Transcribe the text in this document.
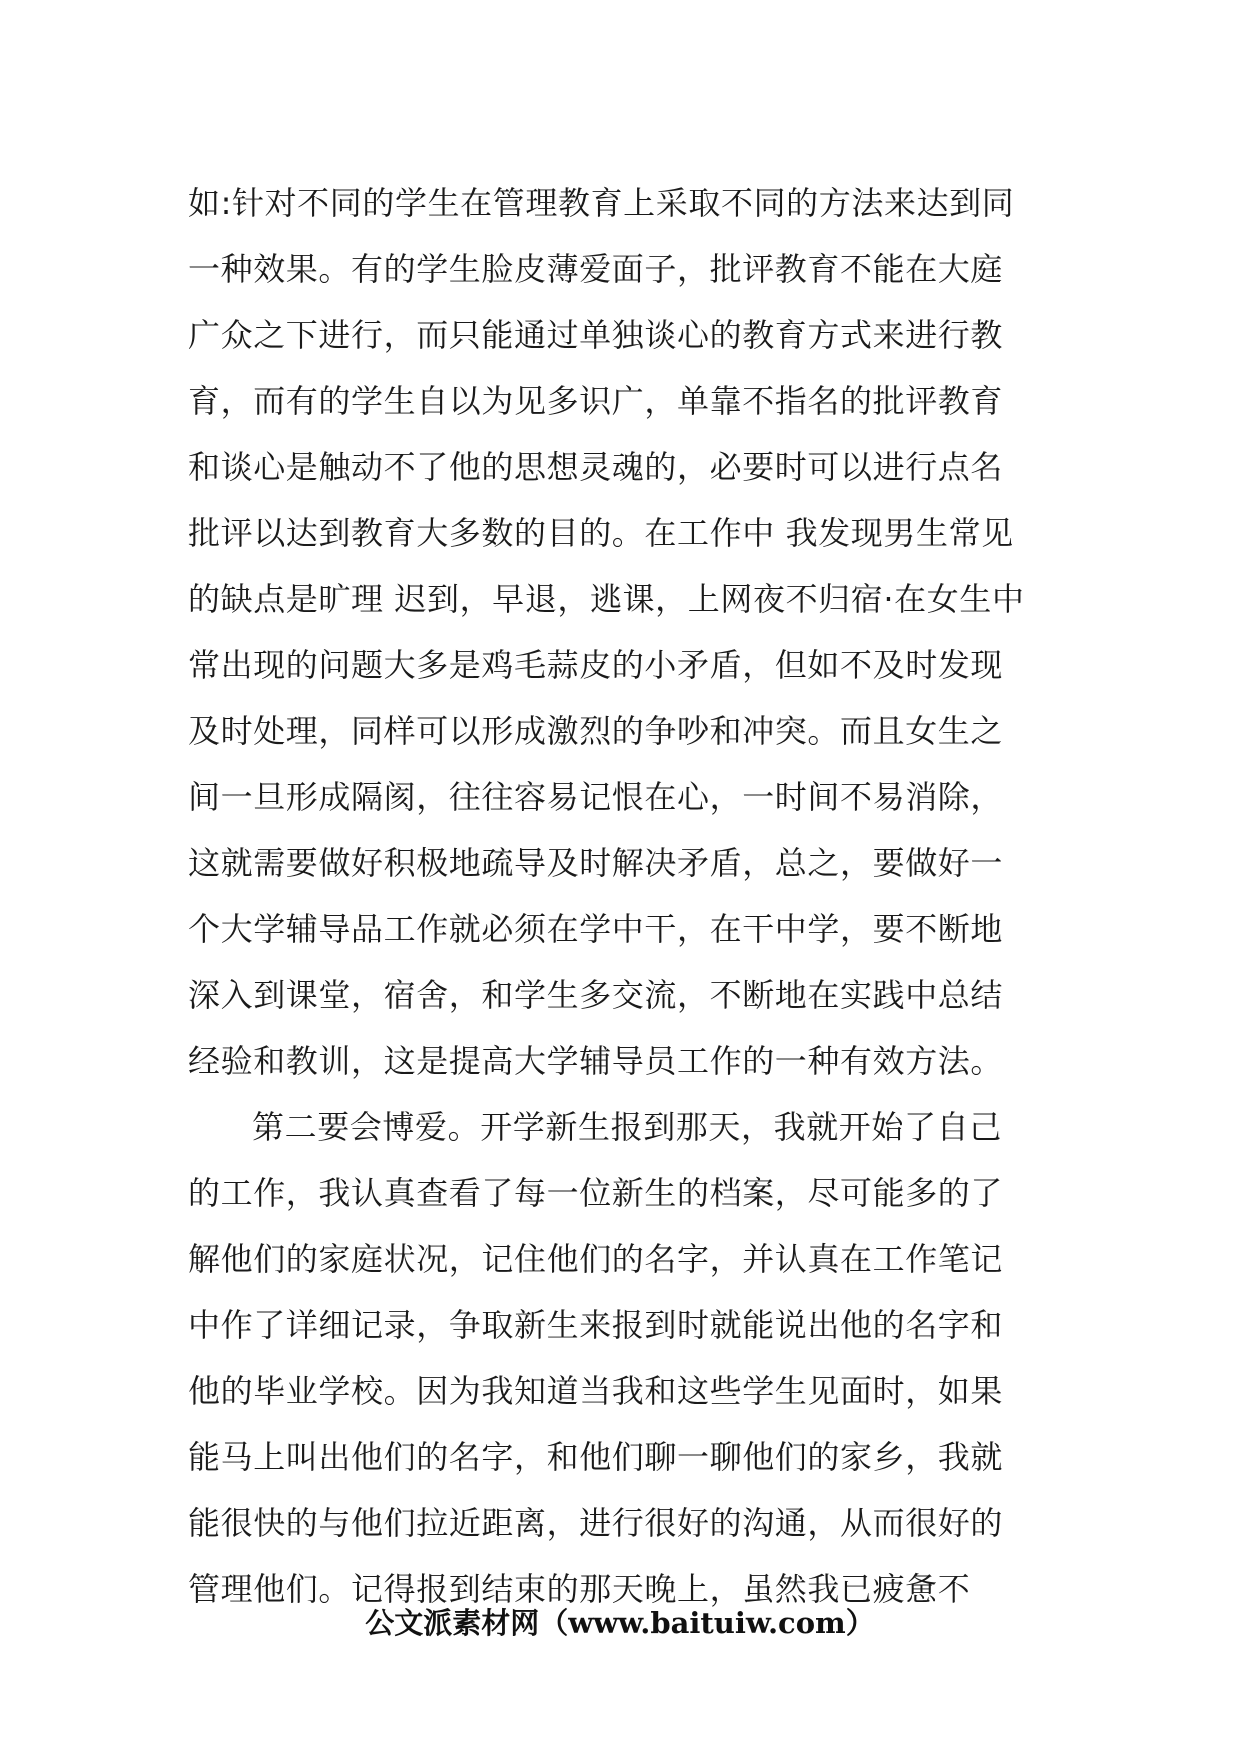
如:针对不同的学生在管理教育上采取不同的方法来达到同
一种效果。有的学生脸皮薄爱面子，批评教育不能在大庭
广众之下进行，而只能通过单独谈心的教育方式来进行教
育，而有的学生自以为见多识广，单靠不指名的批评教育
和谈心是触动不了他的思想灵魂的，必要时可以进行点名
批评以达到教育大多数的目的。在工作中 我发现男生常见
的缺点是旷理 迟到，早退，逃课，上网夜不归宿·在女生中
常出现的问题大多是鸡毛蒜皮的小矛盾，但如不及时发现
及时处理，同样可以形成激烈的争吵和冲突。而且女生之
间一旦形成隔阂，往往容易记恨在心，一时间不易消除，
这就需要做好积极地疏导及时解决矛盾，总之，要做好一
个大学辅导品工作就必须在学中干，在干中学，要不断地
深入到课堂，宿舍，和学生多交流，不断地在实践中总结
经验和教训，这是提高大学辅导员工作的一种有效方法。
第二要会博爱。开学新生报到那天，我就开始了自己
的工作，我认真查看了每一位新生的档案，尽可能多的了
解他们的家庭状况，记住他们的名字，并认真在工作笔记
中作了详细记录，争取新生来报到时就能说出他的名字和
他的毕业学校。因为我知道当我和这些学生见面时，如果
能马上叫出他们的名字，和他们聊一聊他们的家乡，我就
能很快的与他们拉近距离，进行很好的沟通，从而很好的
管理他们。记得报到结束的那天晚上，虽然我已疲惫不
公文派素材网（www.baituiw.com）
